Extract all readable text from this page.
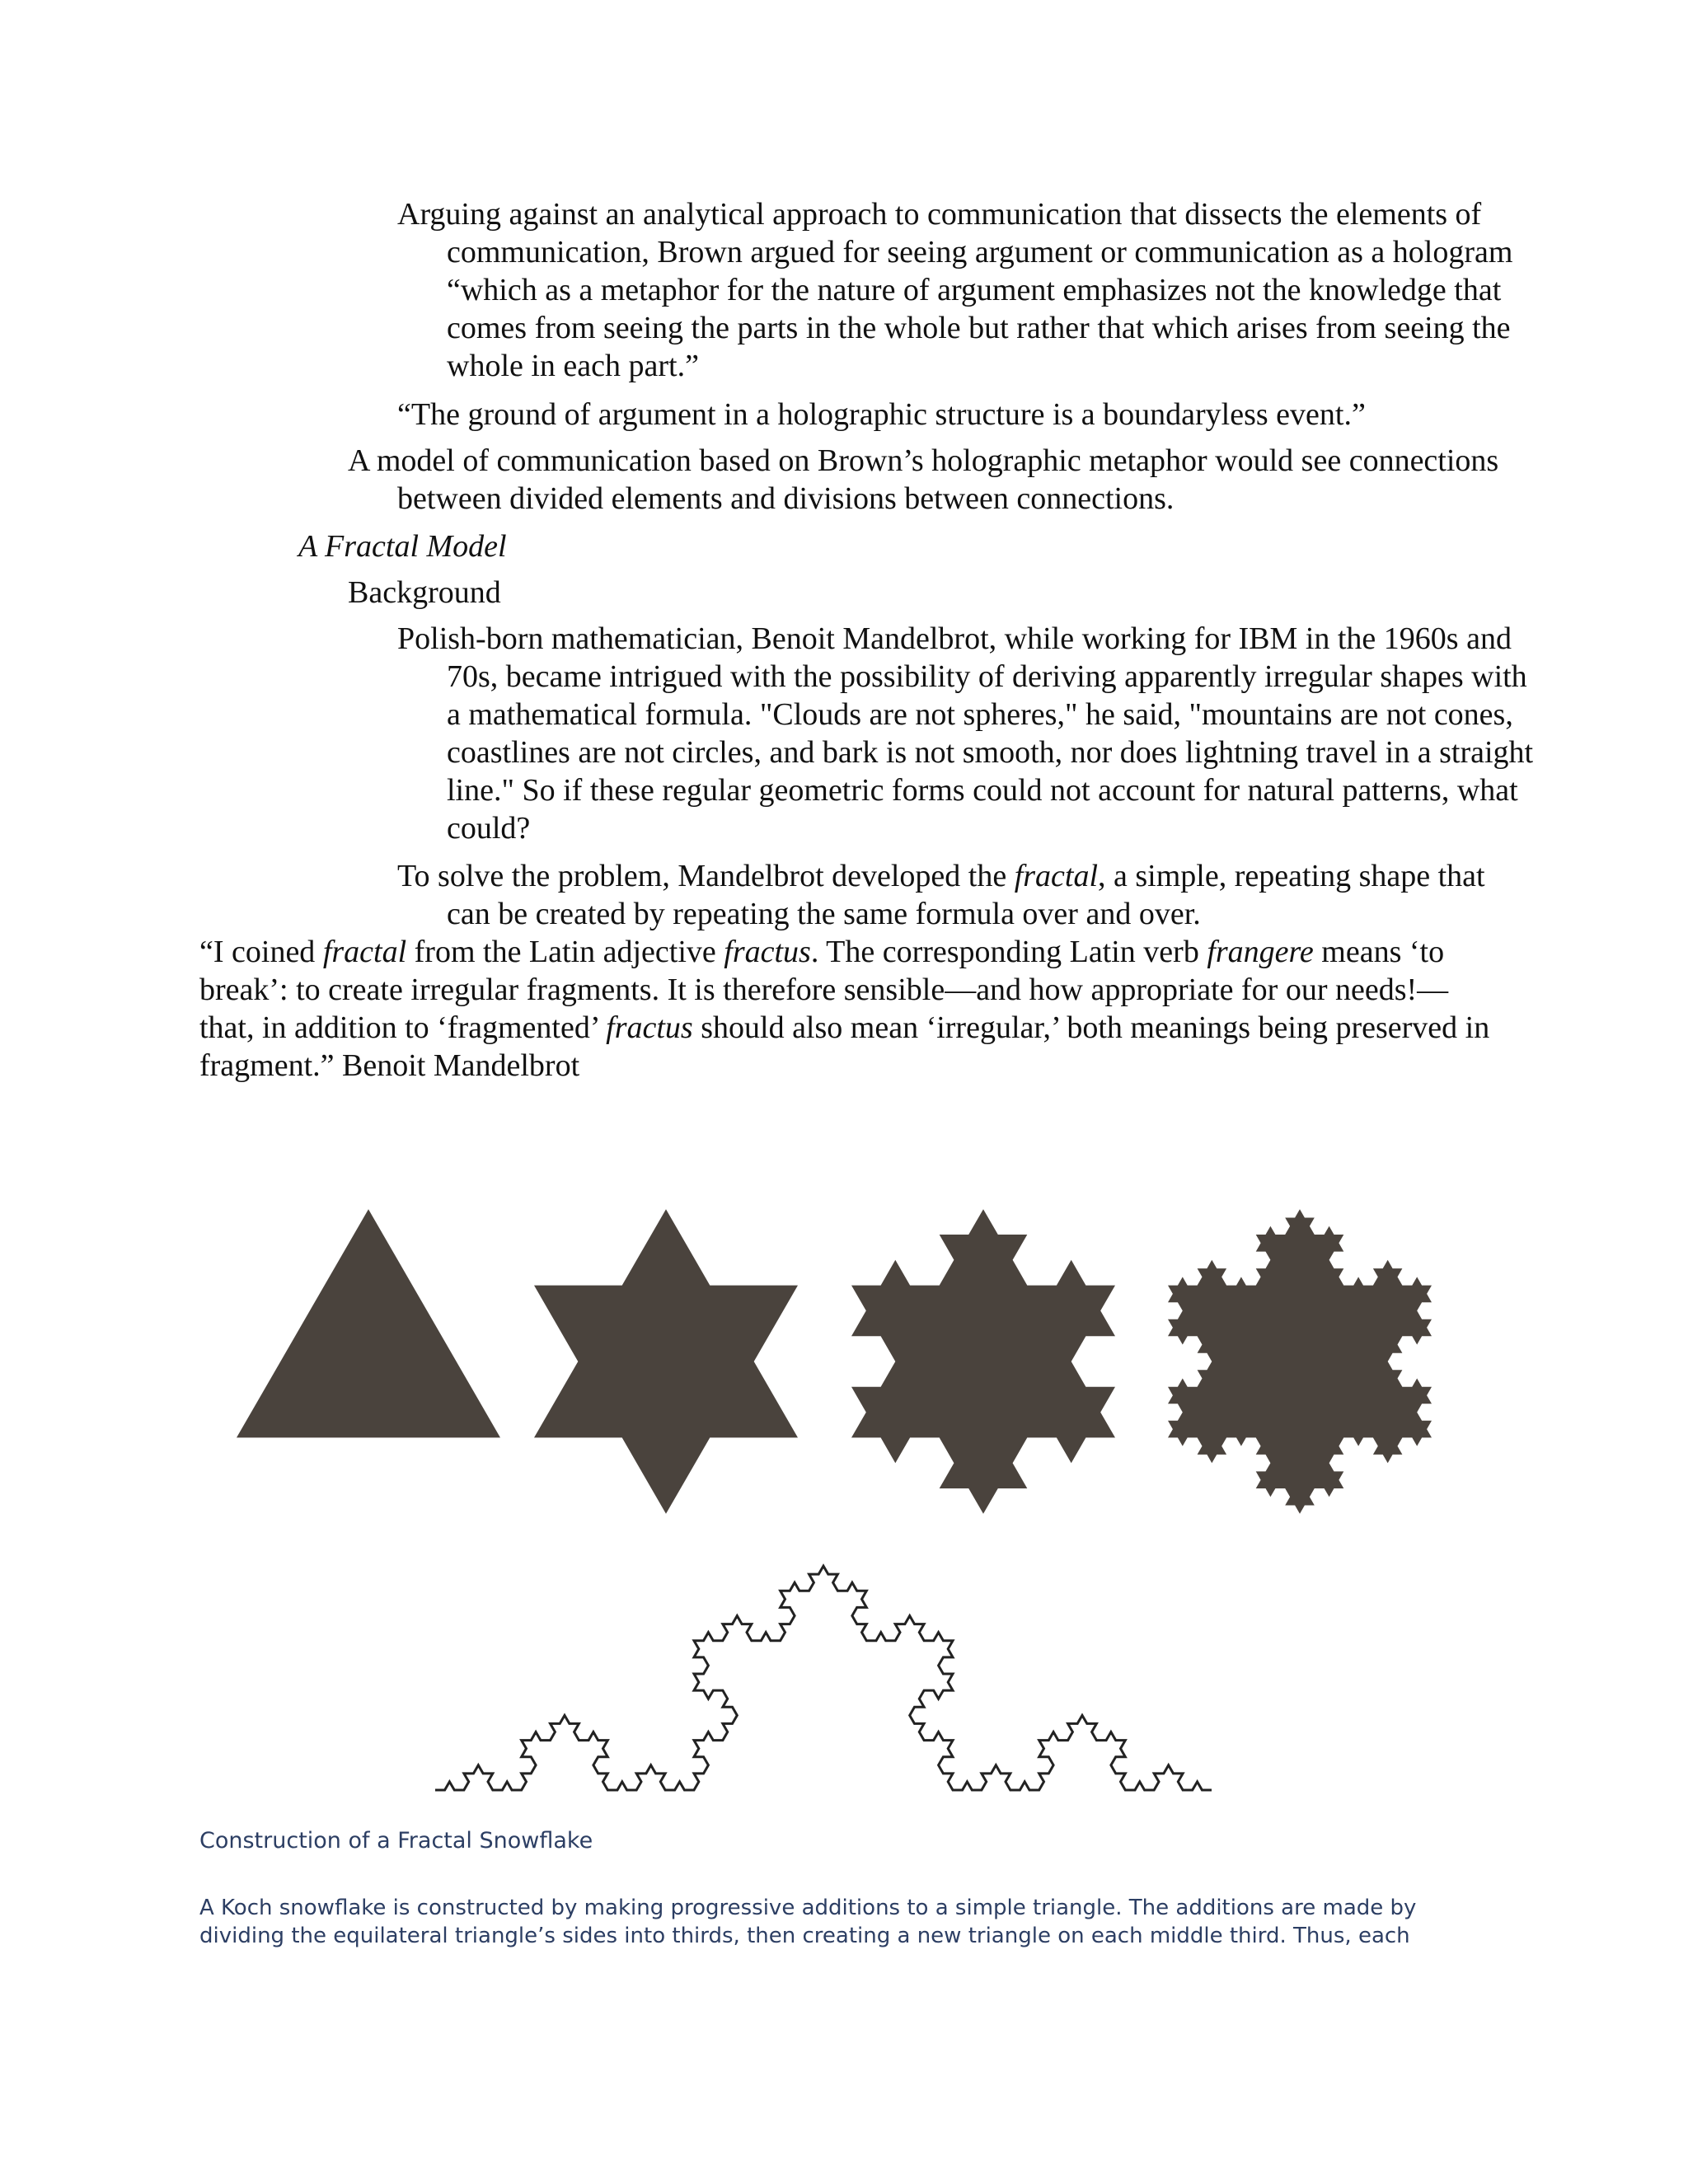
Arguing against an analytical approach to communication that dissects the elements of communication, Brown argued for seeing argument or communication as a hologram “which as a metaphor for the nature of argument emphasizes not the knowledge that comes from seeing the parts in the whole but rather that which arises from seeing the whole in each part.”

“The ground of argument in a holographic structure is a boundaryless event.”

A model of communication based on Brown’s holographic metaphor would see connections between divided elements and divisions between connections.

A Fractal Model

Background

Polish-born mathematician, Benoit Mandelbrot, while working for IBM in the 1960s and 70s, became intrigued with the possibility of deriving apparently irregular shapes with a mathematical formula. "Clouds are not spheres," he said, "mountains are not cones, coastlines are not circles, and bark is not smooth, nor does lightning travel in a straight line." So if these regular geometric forms could not account for natural patterns, what could?

To solve the problem, Mandelbrot developed the fractal, a simple, repeating shape that can be created by repeating the same formula over and over.

“I coined fractal from the Latin adjective fractus. The corresponding Latin verb frangere means ‘to break’: to create irregular fragments. It is therefore sensible—and how appropriate for our needs!—that, in addition to ‘fragmented’ fractus should also mean ‘irregular,’ both meanings being preserved in fragment.” Benoit Mandelbrot

Construction of a Fractal Snowflake

A Koch snowflake is constructed by making progressive additions to a simple triangle. The additions are made by dividing the equilateral triangle’s sides into thirds, then creating a new triangle on each middle third. Thus, each
